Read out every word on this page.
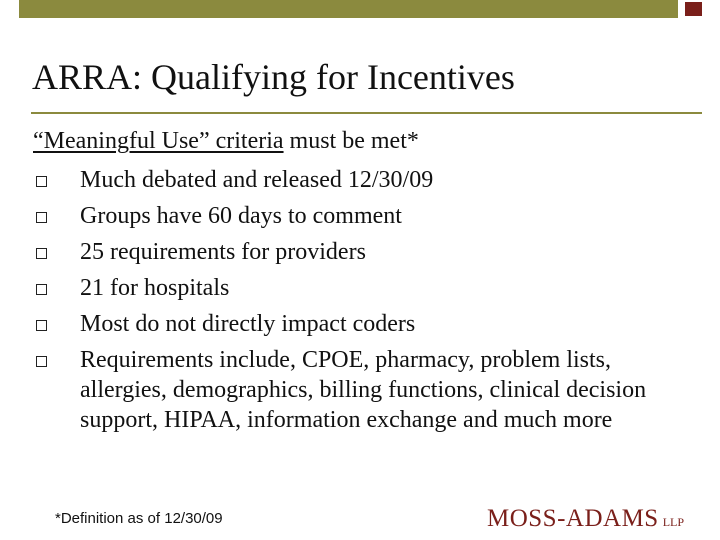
ARRA: Qualifying for Incentives
“Meaningful Use” criteria must be met*
Much debated and released 12/30/09
Groups have 60 days to comment
25 requirements for providers
21 for hospitals
Most do not directly impact coders
Requirements include, CPOE, pharmacy, problem lists, allergies, demographics, billing functions, clinical decision support, HIPAA, information exchange and much more
*Definition as of 12/30/09	MOSS-ADAMS LLP
